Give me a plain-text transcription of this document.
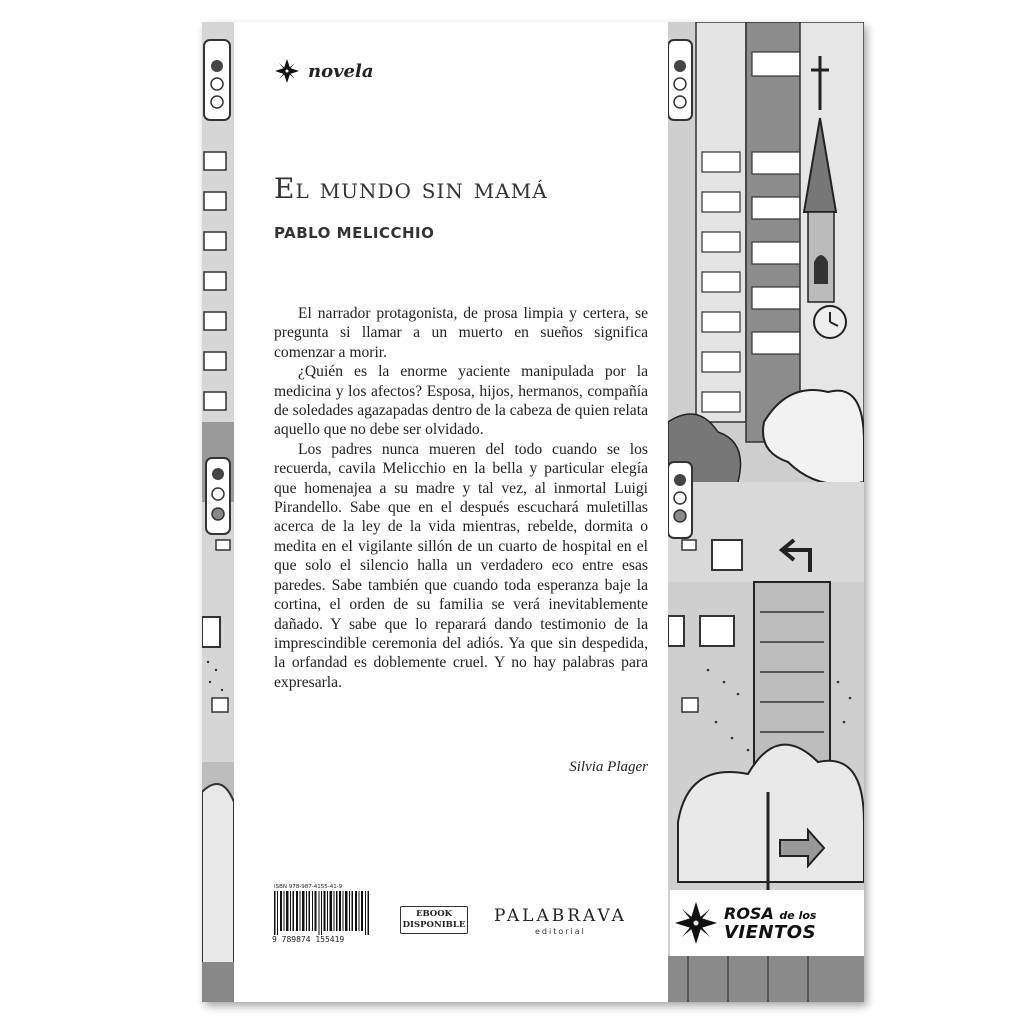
novela
El mundo sin mamá
PABLO MELICCHIO

El narrador protagonista, de prosa limpia y certera, se pregunta si llamar a un muerto en sueños significa comenzar a morir.

¿Quién es la enorme yaciente manipulada por la medicina y los afectos? Esposa, hijos, hermanos, compañía de soledades agazapadas dentro de la cabeza de quien relata aquello que no debe ser olvidado.

Los padres nunca mueren del todo cuando se los recuerda, cavila Melicchio en la bella y particular elegía que homenajea a su madre y tal vez, al inmortal Luigi Pirandello. Sabe que en el después escuchará muletillas acerca de la ley de la vida mientras, rebelde, dormita o medita en el vigilante sillón de un cuarto de hospital en el que solo el silencio halla un verdadero eco entre esas paredes. Sabe también que cuando toda esperanza baje la cortina, el orden de su familia se verá inevitablemente dañado. Y sabe que lo reparará dando testimonio de la imprescindible ceremonia del adiós. Ya que sin despedida, la orfandad es doblemente cruel. Y no hay palabras para expresarla.

Silvia Plager
ISBN 978-987-4155-41-9
9 789874 155419
EBOOK
DISPONIBLE PALABRAVA
editorial
ROSA de los
VIENTOS
